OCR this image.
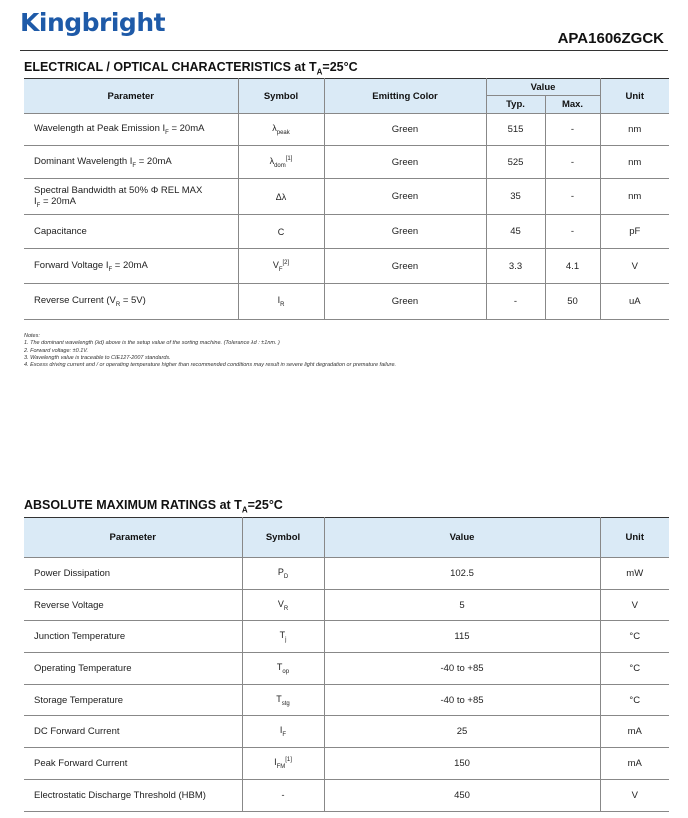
Kingbright
APA1606ZGCK
ELECTRICAL / OPTICAL CHARACTERISTICS at $T_A=25^\circ C$
Parameter	Symbol	Emitting Color	Value		Unit
			Typ.	Max.	
Wavelength at Peak Emission $I_F = 20mA$	$\lambda_{peak}$	Green	515	-	nm
Dominant Wavelength $I_F = 20mA$	$\lambda_{dom}[1]$	Green	525	-	nm
Spectral Bandwidth at 50% Φ REL MAX
$I_F = 20mA$	Δλ	Green	35	-	nm
Capacitance	C	Green	45	-	pF
Forward Voltage $I_F = 20mA$	$V_F[2]$	Green	3.3	4.1	V
Reverse Current $(V_R = 5V)$	$I_R$	Green	-	50	uA
Notes:
1. The dominant wavelength (λd) above is the setup value of the sorting machine. (Tolerance λd : ±1nm. )
2. Forward voltage: ±0.1V.
3. Wavelength value is traceable to CIE127-2007 standards.
4. Excess driving current and / or operating temperature higher than recommended conditions may result in severe light degradation or premature failure.
ABSOLUTE MAXIMUM RATINGS at $T_A=25^\circ C$
Parameter	Symbol	Value	Unit
Power Dissipation	$P_D$	102.5	mW
Reverse Voltage	$V_R$	5	V
Junction Temperature	$T_j$	115	°C
Operating Temperature	$T_{op}$	-40 to +85	°C
Storage Temperature	$T_{stg}$	-40 to +85	°C
DC Forward Current	$I_F$	25	mA
Peak Forward Current	$I_{FM}[1]$	150	mA
Electrostatic Discharge Threshold (HBM)	-	450	V
